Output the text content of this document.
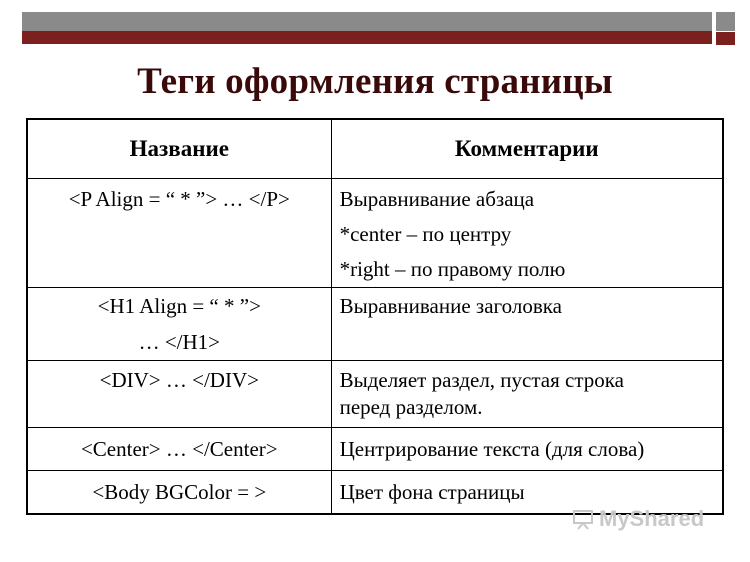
Теги оформления страницы
Название	Комментарии

<P Align = “ * ”> … </P>	Выравнивание абзаца
*center – по центру
*right – по правому полю

<H1 Align = “ * ”>
… </H1>	Выравнивание заголовка

<DIV> … </DIV>	Выделяет раздел, пустая строка
перед разделом.

<Center> … </Center>	Центрирование текста (для слова)
<Body BGColor = >	Цвет фона страницы
MyShared
